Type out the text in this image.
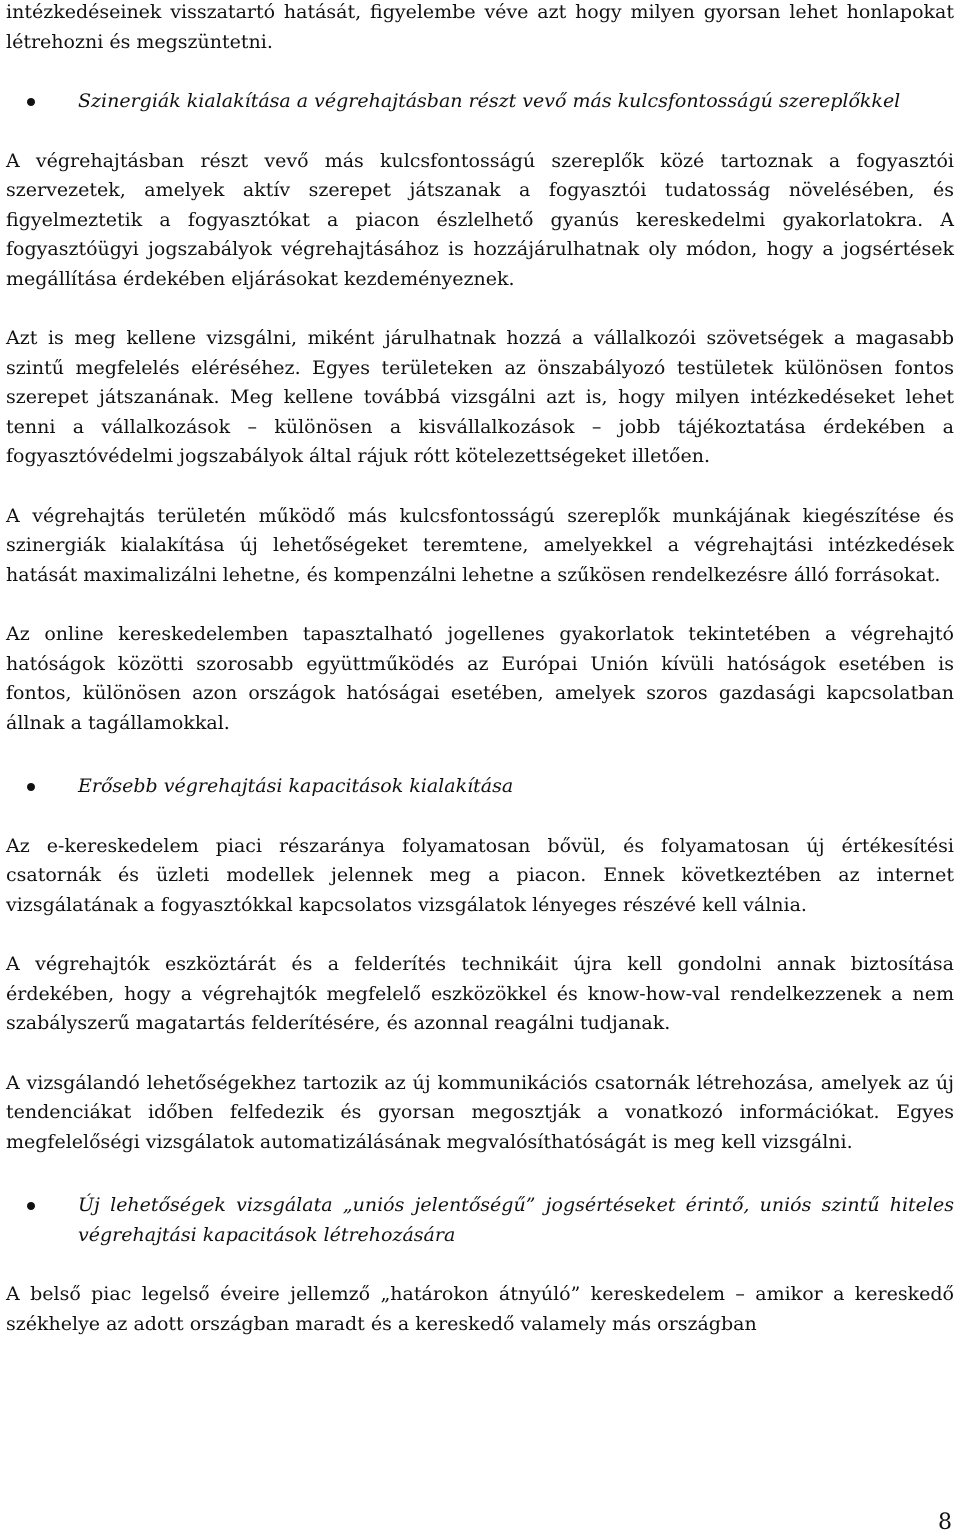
intézkedéseinek visszatartó hatását, figyelembe véve azt hogy milyen gyorsan lehet honlapokat létrehozni és megszüntetni.

Szinergiák kialakítása a végrehajtásban részt vevő más kulcsfontosságú szereplőkkel

A végrehajtásban részt vevő más kulcsfontosságú szereplők közé tartoznak a fogyasztói szervezetek, amelyek aktív szerepet játszanak a fogyasztói tudatosság növelésében, és figyelmeztetik a fogyasztókat a piacon észlelhető gyanús kereskedelmi gyakorlatokra. A fogyasztóügyi jogszabályok végrehajtásához is hozzájárulhatnak oly módon, hogy a jogsértések megállítása érdekében eljárásokat kezdeményeznek.

Azt is meg kellene vizsgálni, miként járulhatnak hozzá a vállalkozói szövetségek a magasabb szintű megfelelés eléréséhez. Egyes területeken az önszabályozó testületek különösen fontos szerepet játszanának. Meg kellene továbbá vizsgálni azt is, hogy milyen intézkedéseket lehet tenni a vállalkozások – különösen a kisvállalkozások – jobb tájékoztatása érdekében a fogyasztóvédelmi jogszabályok által rájuk rótt kötelezettségeket illetően.

A végrehajtás területén működő más kulcsfontosságú szereplők munkájának kiegészítése és szinergiák kialakítása új lehetőségeket teremtene, amelyekkel a végrehajtási intézkedések hatását maximalizálni lehetne, és kompenzálni lehetne a szűkösen rendelkezésre álló forrásokat.

Az online kereskedelemben tapasztalható jogellenes gyakorlatok tekintetében a végrehajtó hatóságok közötti szorosabb együttműködés az Európai Unión kívüli hatóságok esetében is fontos, különösen azon országok hatóságai esetében, amelyek szoros gazdasági kapcsolatban állnak a tagállamokkal.

Erősebb végrehajtási kapacitások kialakítása

Az e-kereskedelem piaci részaránya folyamatosan bővül, és folyamatosan új értékesítési csatornák és üzleti modellek jelennek meg a piacon. Ennek következtében az internet vizsgálatának a fogyasztókkal kapcsolatos vizsgálatok lényeges részévé kell válnia.

A végrehajtók eszköztárát és a felderítés technikáit újra kell gondolni annak biztosítása érdekében, hogy a végrehajtók megfelelő eszközökkel és know-how-val rendelkezzenek a nem szabályszerű magatartás felderítésére, és azonnal reagálni tudjanak.

A vizsgálandó lehetőségekhez tartozik az új kommunikációs csatornák létrehozása, amelyek az új tendenciákat időben felfedezik és gyorsan megosztják a vonatkozó információkat. Egyes megfelelőségi vizsgálatok automatizálásának megvalósíthatóságát is meg kell vizsgálni.

Új lehetőségek vizsgálata „uniós jelentőségű” jogsértéseket érintő, uniós szintű hiteles végrehajtási kapacitások létrehozására

A belső piac legelső éveire jellemző „határokon átnyúló” kereskedelem – amikor a kereskedő székhelye az adott országban maradt és a kereskedő valamely más országban

8
